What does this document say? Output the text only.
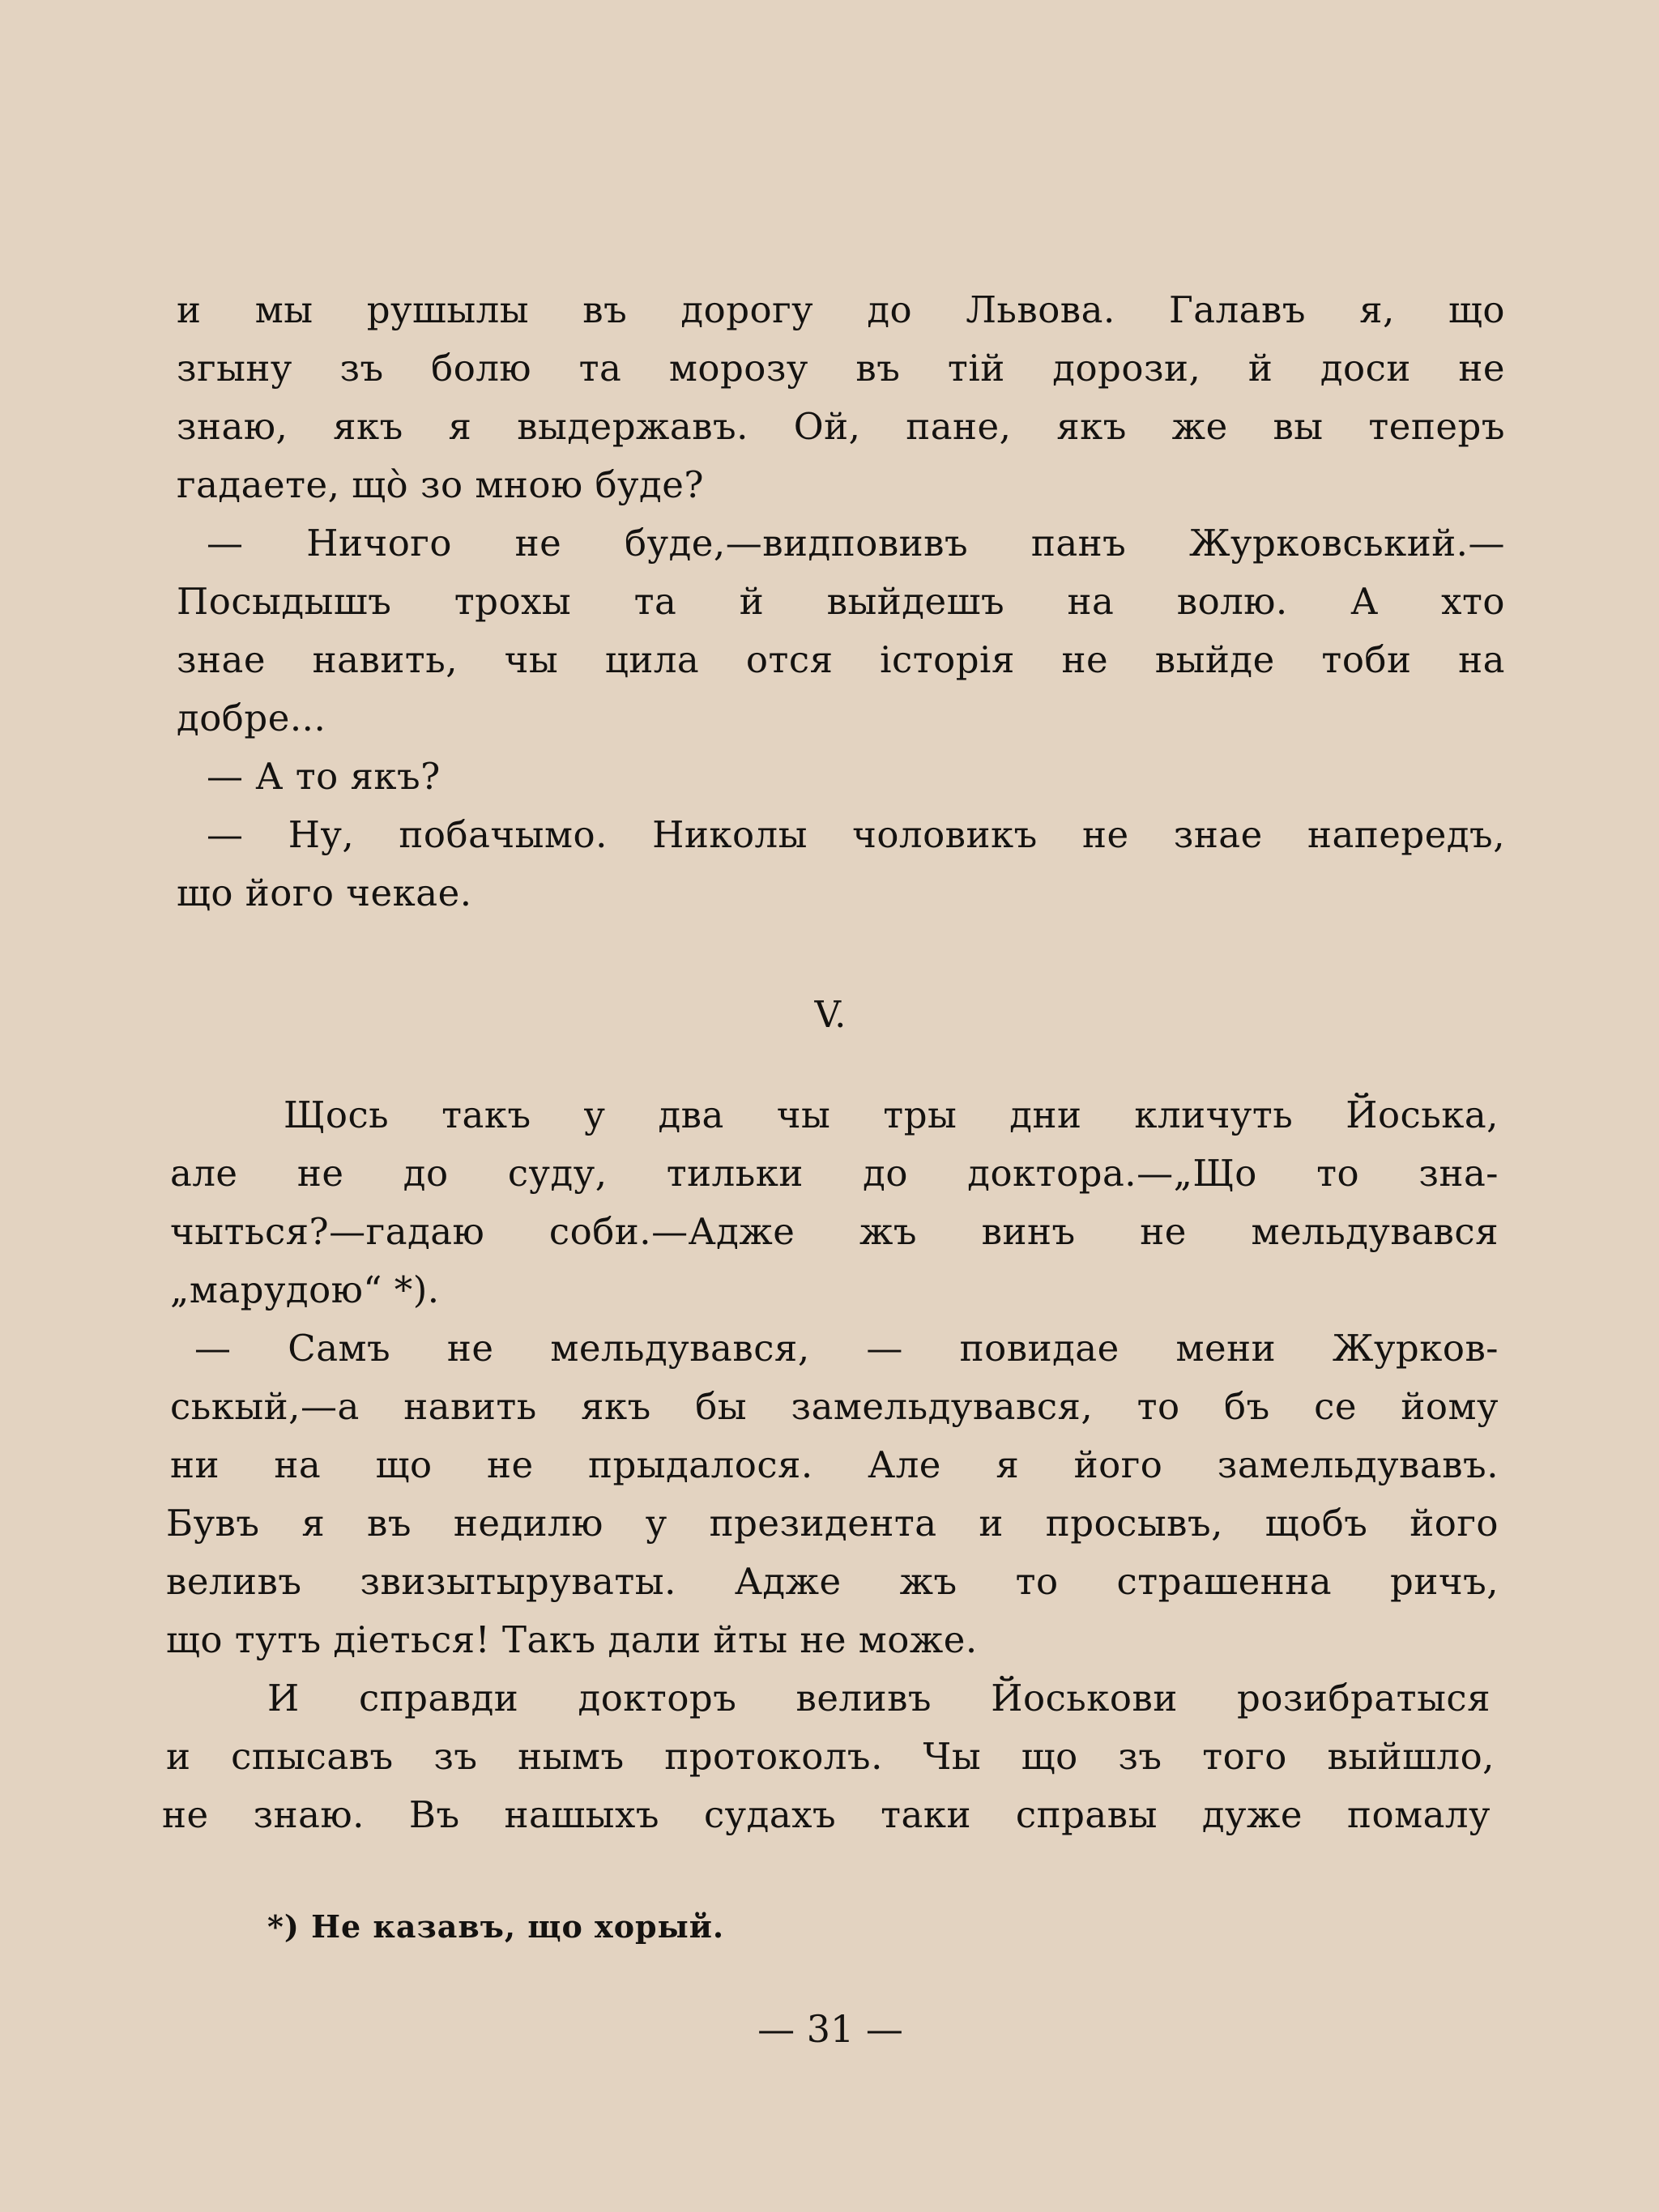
и мы рушылы въ дорогу до Львова. Галавъ я, що
згыну зъ болю та морозу въ тій дорози, й доси не
знаю, якъ я выдержавъ. Ой, пане, якъ же вы теперъ
гадаете, що̀ зо мною буде?
— Ничого не буде,—видповивъ панъ Журковський.—
Посыдышъ трохы та й выйдешъ на волю. А хто
знае навить, чы цила отся історія не выйде тоби на
добре...
— А то якъ?
— Ну, побачымо. Николы чоловикъ не знае напередъ,
що його чекае.
V.
Щось такъ у два чы тры дни кличуть Йоська,
але не до суду, тильки до доктора.—„Що то зна-
чыться?—гадаю соби.—Адже жъ винъ не мельдувався
„марудою“ *).
— Самъ не мельдувався, — повидае мени Журков-
ськый,—а навить якъ бы замельдувався, то бъ се йому
ни на що не прыдалося. Але я його замельдувавъ.
Бувъ я въ недилю у президента и просывъ, щобъ його
веливъ звизытыруваты. Адже жъ то страшенна ричъ,
що тутъ діеться! Такъ дали йты не може.
И справди докторъ веливъ Йоськови розибратыся
и спысавъ зъ нымъ протоколъ. Чы що зъ того выйшло,
не знаю. Въ нашыхъ судахъ таки справы дуже помалу
*) Не казавъ, що хорый.
— 31 —
